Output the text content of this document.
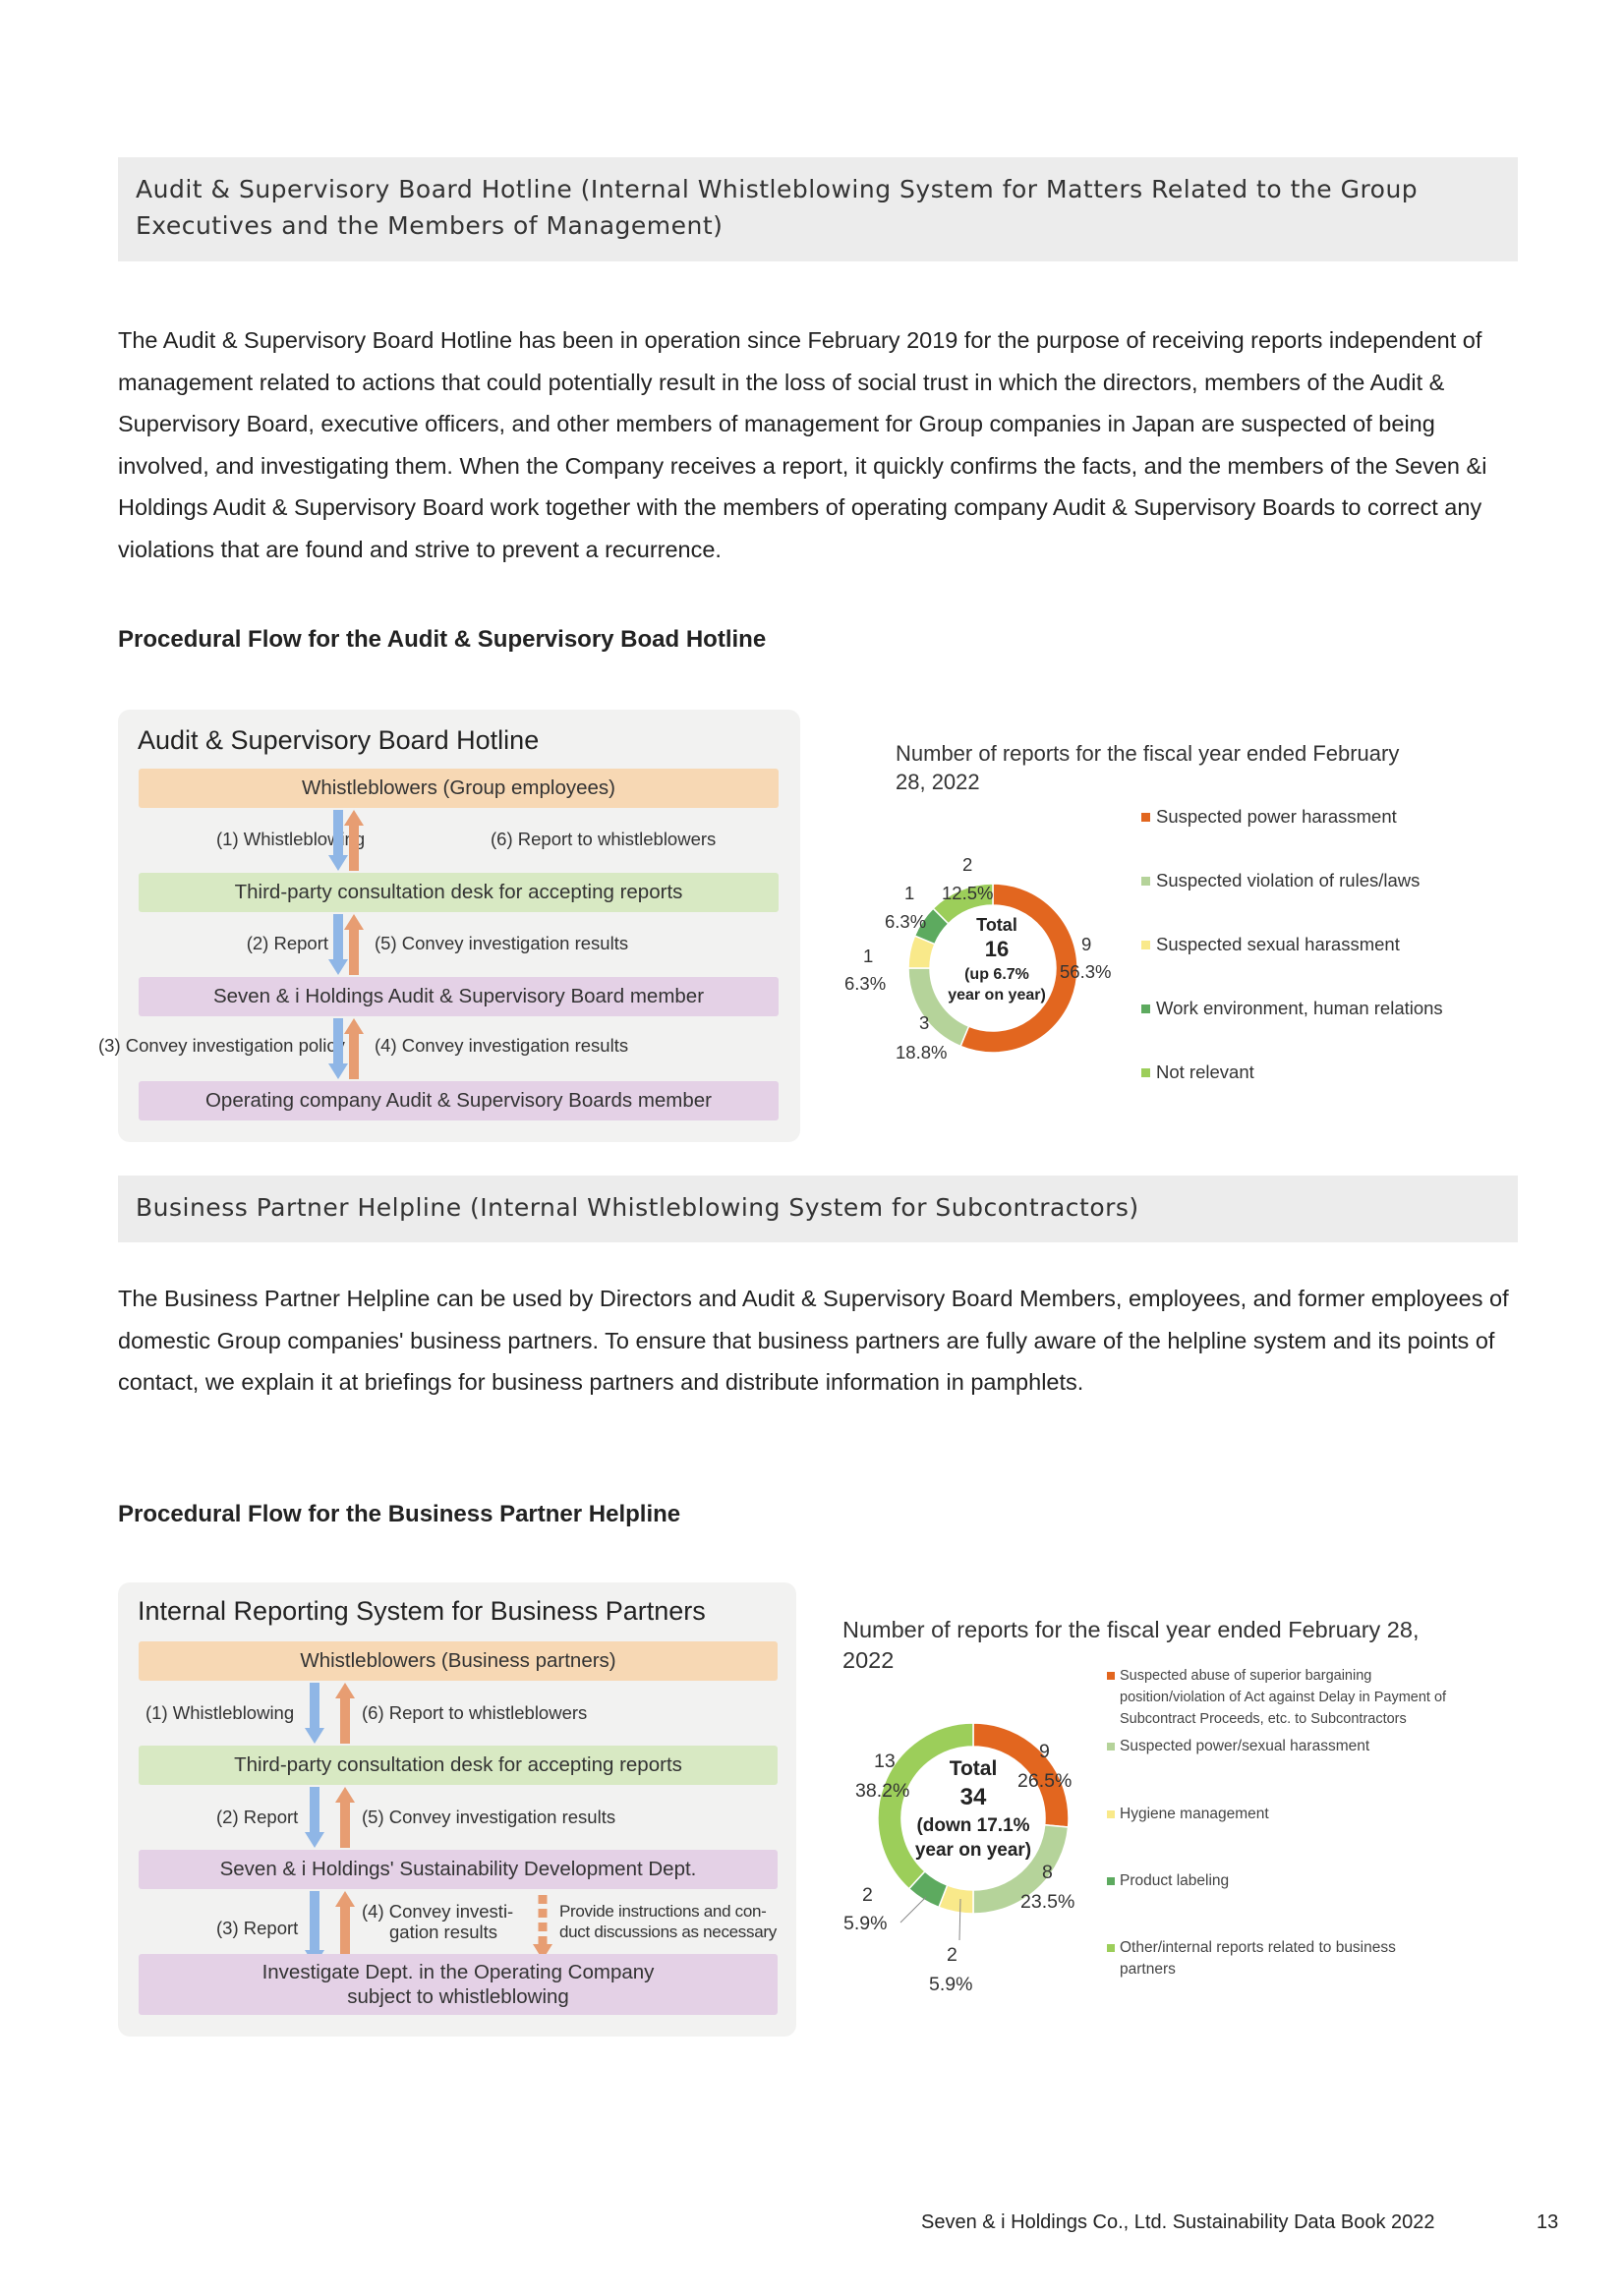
Audit & Supervisory Board Hotline (Internal Whistleblowing System for Matters Related to the Group Executives and the Members of Management)

The Audit & Supervisory Board Hotline has been in operation since February 2019 for the purpose of receiving reports independent of management related to actions that could potentially result in the loss of social trust in which the directors, members of the Audit & Supervisory Board, executive officers, and other members of management for Group companies in Japan are suspected of being involved, and investigating them. When the Company receives a report, it quickly confirms the facts, and the members of the Seven &i Holdings Audit & Supervisory Board work together with the members of operating company Audit & Supervisory Boards to correct any violations that are found and strive to prevent a recurrence.

Procedural Flow for the Audit & Supervisory Boad Hotline
Audit & Supervisory Board Hotline
Whistleblowers (Group employees)
(1) Whistleblowing	(6) Report to whistleblowers
Third-party consultation desk for accepting reports
(2) Report	(5) Convey investigation results
Seven & i Holdings Audit & Supervisory Board member
(3) Convey investigation policy (4) Convey investigation results
Operating company Audit & Supervisory Boards member
Number of reports for the fiscal year ended February 28, 2022
Total
16
(up 6.7%
year on year)
9
56.3%
3
18.8%
1
6.3%
1
6.3%
2
12.5%
Suspected power harassment
Suspected violation of rules/laws
Suspected sexual harassment
Work environment, human relations
Not relevant
Business Partner Helpline (Internal Whistleblowing System for Subcontractors)

The Business Partner Helpline can be used by Directors and Audit & Supervisory Board Members, employees, and former employees of domestic Group companies' business partners. To ensure that business partners are fully aware of the helpline system and its points of contact, we explain it at briefings for business partners and distribute information in pamphlets.

Procedural Flow for the Business Partner Helpline
Internal Reporting System for Business Partners
Whistleblowers (Business partners)
(1) Whistleblowing	(6) Report to whistleblowers
Third-party consultation desk for accepting reports
(2) Report	(5) Convey investigation results
Seven & i Holdings' Sustainability Development Dept.
(3) Report
(4) Convey investi-
gation results
Provide instructions and con-
duct discussions as necessary
Investigate Dept. in the Operating Company
subject to whistleblowing
Number of reports for the fiscal year ended February 28, 2022
Total
34
(down 17.1%
year on year)
9
26.5%
8
23.5%
2
5.9%
2
5.9%
13
38.2%
Suspected abuse of superior bargaining
position/violation of Act against Delay in Payment of
Subcontract Proceeds, etc. to Subcontractors
Suspected power/sexual harassment
Hygiene management
Product labeling
Other/internal reports related to business
partners
Seven & i Holdings Co., Ltd. Sustainability Data Book 2022	13
